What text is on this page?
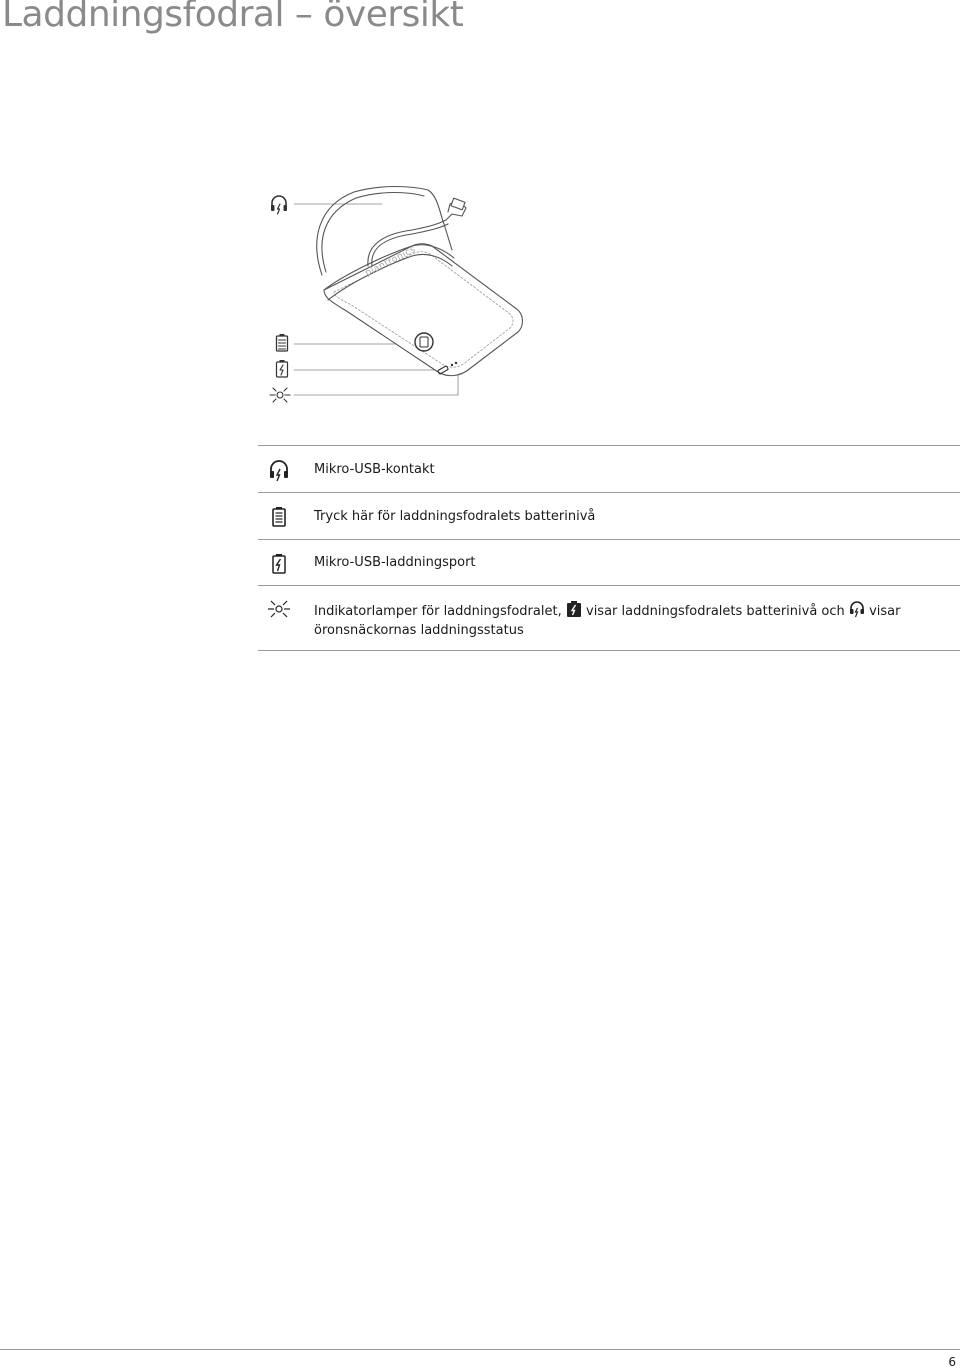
Laddningsfodral – översikt
plantronics
Mikro-USB-kontakt
Tryck här för laddningsfodralets batterinivå
Mikro-USB-laddningsport
Indikatorlamper för laddningsfodralet, visar laddningsfodralets batterinivå och visar öronsnäckornas laddningsstatus
6
